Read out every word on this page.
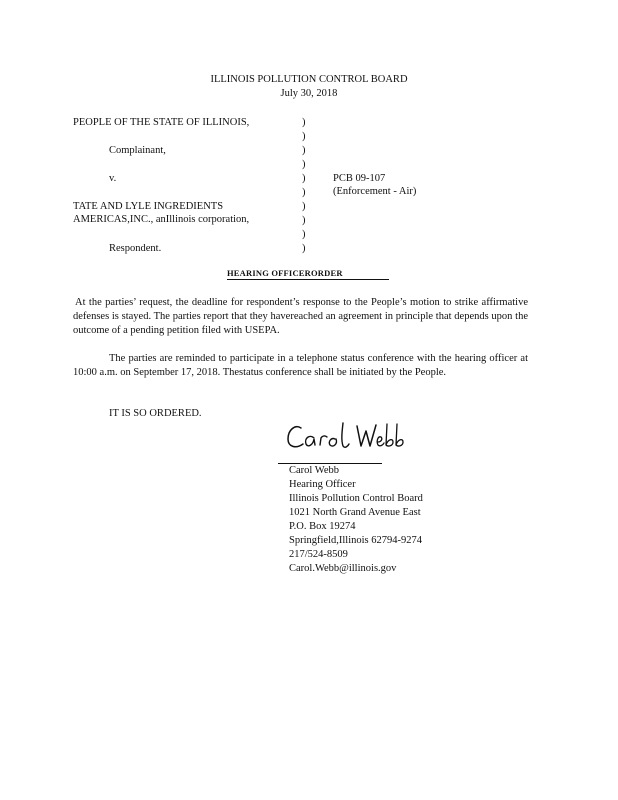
ILLINOIS POLLUTION CONTROL BOARD
July 30, 2018
PEOPLE OF THE STATE OF ILLINOIS,
Complainant,
v.
TATE AND LYLE INGREDIENTS
AMERICAS,INC., anIllinois corporation,
Respondent.
)
)
)
)
)
)
)
)
)
)
PCB 09-107
(Enforcement - Air)
HEARING OFFICERORDER
At the parties’ request, the deadline for respondent’s response to the People’s motion to strike affirmative defenses is stayed. The parties report that they havereached an agreement in principle that depends upon the outcome of a pending petition filed with USEPA.
The parties are reminded to participate in a telephone status conference with the hearing officer at 10:00 a.m. on September 17, 2018. Thestatus conference shall be initiated by the People.
IT IS SO ORDERED.
Carol Webb
Hearing Officer
Illinois Pollution Control Board
1021 North Grand Avenue East
P.O. Box 19274
Springfield,Illinois 62794-9274
217/524-8509
Carol.Webb@illinois.gov
